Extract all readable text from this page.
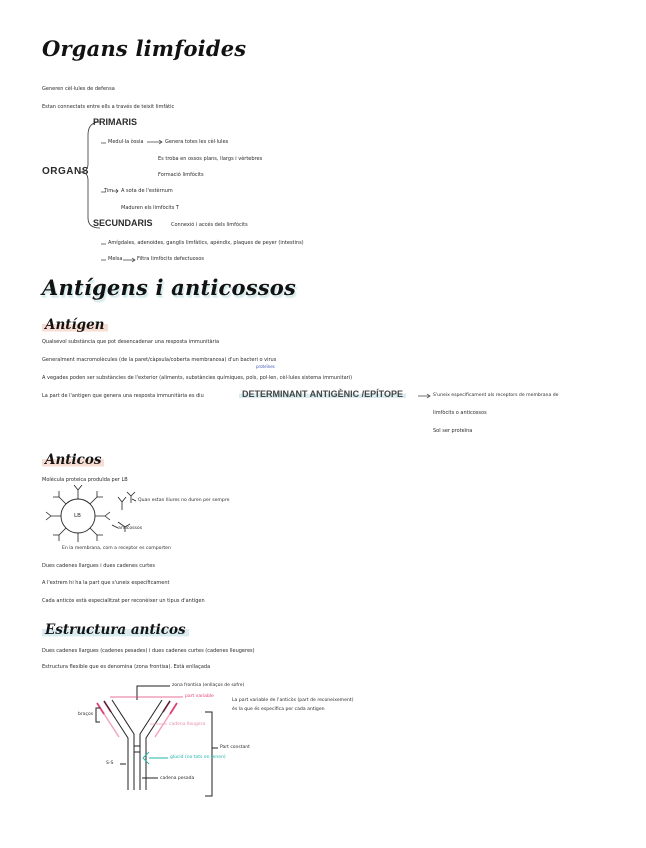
Organs limfoides
Generen cèl·lules de defensa
Estan connectats entre ells a través de teixit limfàtic
ORGANS
PRIMARIS
Medul·la òssia	Genera totes les cèl·lules
Es troba en ossos plans, llargs i vèrtebres
Formació limfòcits
Tim A sota de l'estèrnum
Maduren els limfòcits T
SECUNDARIS	Connexió i accés dels limfòcits
Amígdales, adenoides, ganglis limfàtics, apèndix, plaques de peyer (intestins)
Melsa	Filtra limfòcits defectuosos
Antígens i anticossos
Antígen
Qualsevol substància que pot desencadenar una resposta immunitària
Generalment macromolècules (de la paret/càpsula/coberta membranosa) d'un bacteri o virus
proteïnes
A vegades poden ser substàncies de l'exterior (aliments, substàncies químiques, pols, pol·len, cèl·lules sistema immunitari)
La part de l'antigen que genera una resposta immunitària es diu	DETERMINANT ANTIGÈNIC /EPÍTOPE	S'uneix específicament als receptors de membrana de
limfòcits o anticossos
Sol ser proteïna
Anticos
Molècula proteica produïda per LB
LB
Quan estan lliures no duren per sempre
anticossos
En la membrana, com a receptor es comporten
Dues cadenes llargues i dues cadenes curtes
A l'extrem hi ha la part que s'uneix específicament
Cada anticòs està especialitzat per reconèixer un tipus d'antigen
Estructura anticos
Dues cadenes llargues (cadenes pesades) i dues cadenes curtes (cadenes lleugeres)
Estructura flexible que es denomina (zona frontisa). Està enllaçada
zona frontisa (enllaços de sofre)
part variable
cadena lleugera
La part variable de l'anticòs (part de reconeixement)
és la que és específica per cada antigen
braços
Part constant
glúcid (no tots en tenen)
S-S
cadena pesada
